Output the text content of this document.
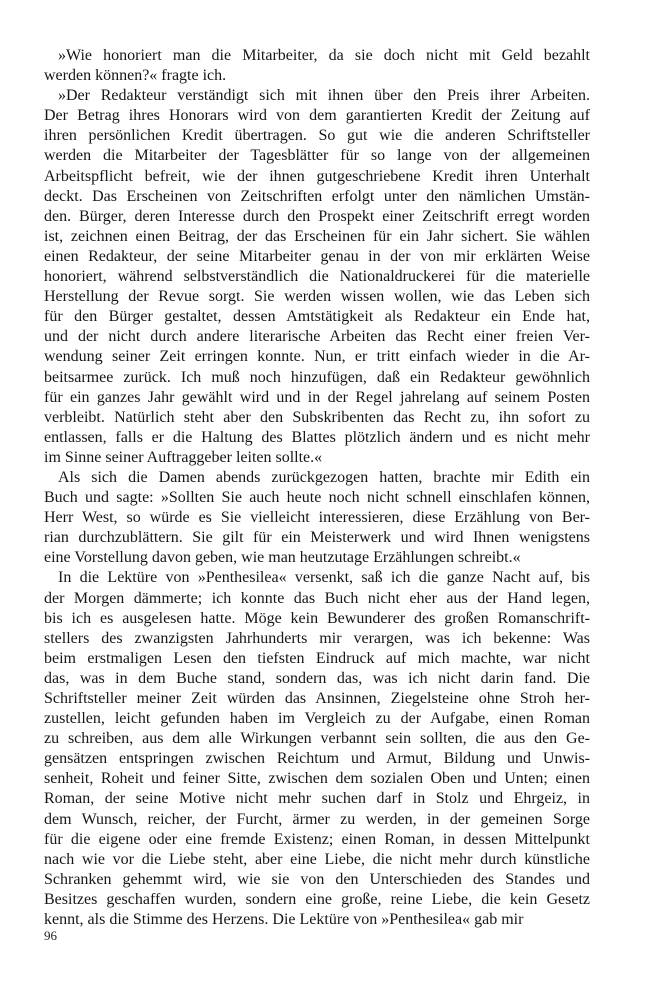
»Wie honoriert man die Mitarbeiter, da sie doch nicht mit Geld bezahlt
werden können?« fragte ich.
»Der Redakteur verständigt sich mit ihnen über den Preis ihrer Arbeiten.
Der Betrag ihres Honorars wird von dem garantierten Kredit der Zeitung auf
ihren persönlichen Kredit übertragen. So gut wie die anderen Schriftsteller
werden die Mitarbeiter der Tagesblätter für so lange von der allgemeinen
Arbeitspflicht befreit, wie der ihnen gutgeschriebene Kredit ihren Unterhalt
deckt. Das Erscheinen von Zeitschriften erfolgt unter den nämlichen Umstän-
den. Bürger, deren Interesse durch den Prospekt einer Zeitschrift erregt worden
ist, zeichnen einen Beitrag, der das Erscheinen für ein Jahr sichert. Sie wählen
einen Redakteur, der seine Mitarbeiter genau in der von mir erklärten Weise
honoriert, während selbstverständlich die Nationaldruckerei für die materielle
Herstellung der Revue sorgt. Sie werden wissen wollen, wie das Leben sich
für den Bürger gestaltet, dessen Amtstätigkeit als Redakteur ein Ende hat,
und der nicht durch andere literarische Arbeiten das Recht einer freien Ver-
wendung seiner Zeit erringen konnte. Nun, er tritt einfach wieder in die Ar-
beitsarmee zurück. Ich muß noch hinzufügen, daß ein Redakteur gewöhnlich
für ein ganzes Jahr gewählt wird und in der Regel jahrelang auf seinem Posten
verbleibt. Natürlich steht aber den Subskribenten das Recht zu, ihn sofort zu
entlassen, falls er die Haltung des Blattes plötzlich ändern und es nicht mehr
im Sinne seiner Auftraggeber leiten sollte.«
Als sich die Damen abends zurückgezogen hatten, brachte mir Edith ein
Buch und sagte: »Sollten Sie auch heute noch nicht schnell einschlafen können,
Herr West, so würde es Sie vielleicht interessieren, diese Erzählung von Ber-
rian durchzublättern. Sie gilt für ein Meisterwerk und wird Ihnen wenigstens
eine Vorstellung davon geben, wie man heutzutage Erzählungen schreibt.«
In die Lektüre von »Penthesilea« versenkt, saß ich die ganze Nacht auf, bis
der Morgen dämmerte; ich konnte das Buch nicht eher aus der Hand legen,
bis ich es ausgelesen hatte. Möge kein Bewunderer des großen Romanschrift-
stellers des zwanzigsten Jahrhunderts mir verargen, was ich bekenne: Was
beim erstmaligen Lesen den tiefsten Eindruck auf mich machte, war nicht
das, was in dem Buche stand, sondern das, was ich nicht darin fand. Die
Schriftsteller meiner Zeit würden das Ansinnen, Ziegelsteine ohne Stroh her-
zustellen, leicht gefunden haben im Vergleich zu der Aufgabe, einen Roman
zu schreiben, aus dem alle Wirkungen verbannt sein sollten, die aus den Ge-
gensätzen entspringen zwischen Reichtum und Armut, Bildung und Unwis-
senheit, Roheit und feiner Sitte, zwischen dem sozialen Oben und Unten; einen
Roman, der seine Motive nicht mehr suchen darf in Stolz und Ehrgeiz, in
dem Wunsch, reicher, der Furcht, ärmer zu werden, in der gemeinen Sorge
für die eigene oder eine fremde Existenz; einen Roman, in dessen Mittelpunkt
nach wie vor die Liebe steht, aber eine Liebe, die nicht mehr durch künstliche
Schranken gehemmt wird, wie sie von den Unterschieden des Standes und
Besitzes geschaffen wurden, sondern eine große, reine Liebe, die kein Gesetz
kennt, als die Stimme des Herzens. Die Lektüre von »Penthesilea« gab mir
96
